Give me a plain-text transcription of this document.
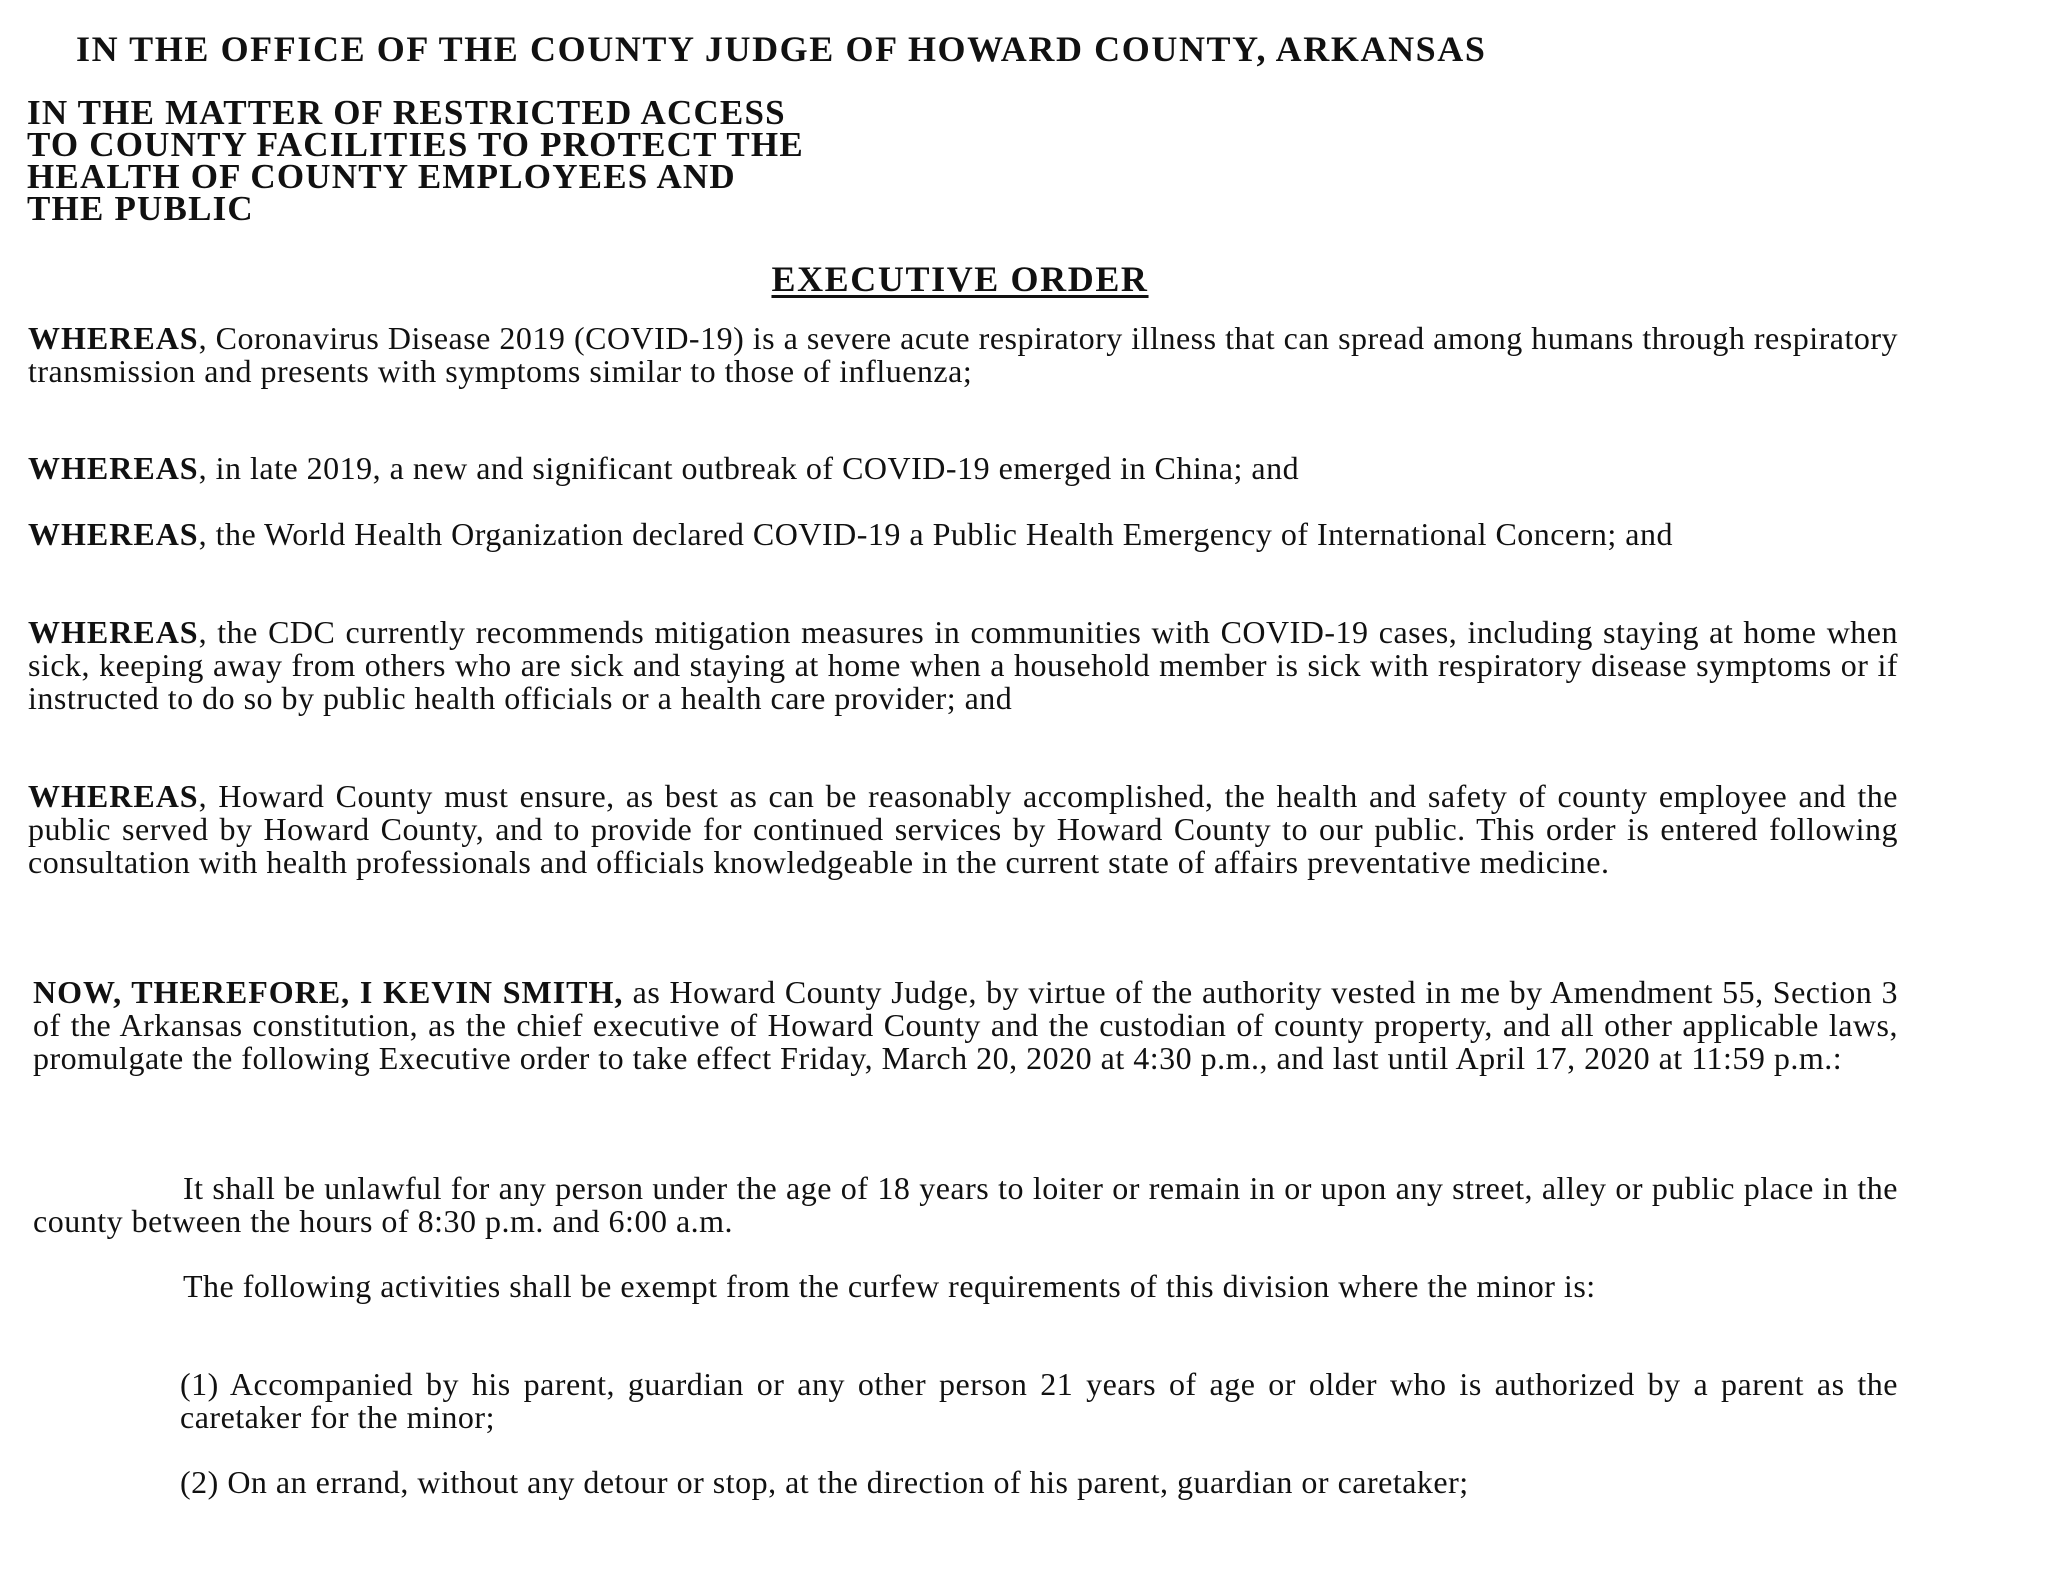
IN THE OFFICE OF THE COUNTY JUDGE OF HOWARD COUNTY, ARKANSAS
IN THE MATTER OF RESTRICTED ACCESS
TO COUNTY FACILITIES TO PROTECT THE
HEALTH OF COUNTY EMPLOYEES AND
THE PUBLIC
EXECUTIVE ORDER

WHEREAS, Coronavirus Disease 2019 (COVID-19) is a severe acute respiratory illness that can spread among humans through respiratory transmission and presents with symptoms similar to those of influenza;

WHEREAS, in late 2019, a new and significant outbreak of COVID-19 emerged in China; and

WHEREAS, the World Health Organization declared COVID-19 a Public Health Emergency of International Concern; and

WHEREAS, the CDC currently recommends mitigation measures in communities with COVID-19 cases, including staying at home when sick, keeping away from others who are sick and staying at home when a household member is sick with respiratory disease symptoms or if instructed to do so by public health officials or a health care provider; and

WHEREAS, Howard County must ensure, as best as can be reasonably accomplished, the health and safety of county employee and the public served by Howard County, and to provide for continued services by Howard County to our public. This order is entered following consultation with health professionals and officials knowledgeable in the current state of affairs preventative medicine.

NOW, THEREFORE, I KEVIN SMITH, as Howard County Judge, by virtue of the authority vested in me by Amendment 55, Section 3 of the Arkansas constitution, as the chief executive of Howard County and the custodian of county property, and all other applicable laws, promulgate the following Executive order to take effect Friday, March 20, 2020 at 4:30 p.m., and last until April 17, 2020 at 11:59 p.m.:

It shall be unlawful for any person under the age of 18 years to loiter or remain in or upon any street, alley or public place in the county between the hours of 8:30 p.m. and 6:00 a.m.

The following activities shall be exempt from the curfew requirements of this division where the minor is:

(1) Accompanied by his parent, guardian or any other person 21 years of age or older who is authorized by a parent as the caretaker for the minor;

(2) On an errand, without any detour or stop, at the direction of his parent, guardian or caretaker;
